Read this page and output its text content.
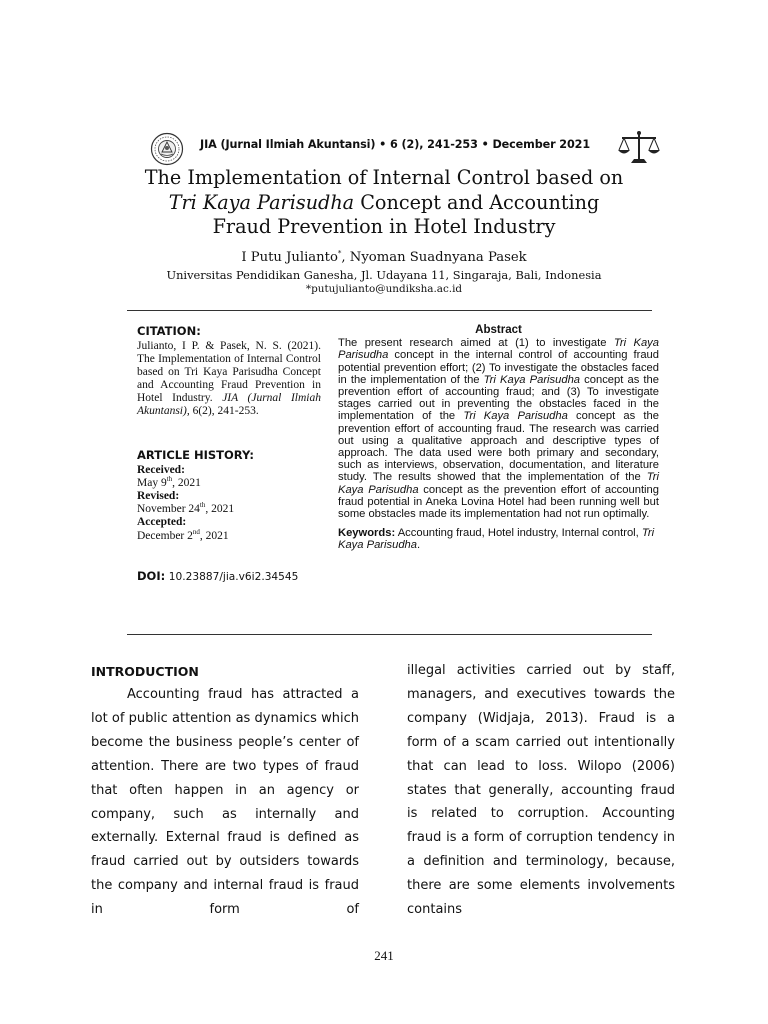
JIA (Jurnal Ilmiah Akuntansi) • 6 (2), 241-253 • December 2021
The Implementation of Internal Control based on
Tri Kaya Parisudha Concept and Accounting
Fraud Prevention in Hotel Industry
I Putu Julianto*, Nyoman Suadnyana Pasek
Universitas Pendidikan Ganesha, Jl. Udayana 11, Singaraja, Bali, Indonesia
*putujulianto@undiksha.ac.id
CITATION:
Julianto, I P. & Pasek, N. S. (2021). The Implementation of Internal Control based on Tri Kaya Parisudha Concept and Accounting Fraud Prevention in Hotel Industry. JIA (Jurnal Ilmiah Akuntansi), 6(2), 241-253.
ARTICLE HISTORY:
Received:
May 9th, 2021
Revised:
November 24th, 2021
Accepted:
December 2nd, 2021
DOI: 10.23887/jia.v6i2.34545
Abstract
The present research aimed at (1) to investigate Tri Kaya Parisudha concept in the internal control of accounting fraud potential prevention effort; (2) To investigate the obstacles faced in the implementation of the Tri Kaya Parisudha concept as the prevention effort of accounting fraud; and (3) To investigate stages carried out in preventing the obstacles faced in the implementation of the Tri Kaya Parisudha concept as the prevention effort of accounting fraud. The research was carried out using a qualitative approach and descriptive types of approach. The data used were both primary and secondary, such as interviews, observation, documentation, and literature study. The results showed that the implementation of the Tri Kaya Parisudha concept as the prevention effort of accounting fraud potential in Aneka Lovina Hotel had been running well but some obstacles made its implementation had not run optimally.
Keywords: Accounting fraud, Hotel industry, Internal control, Tri Kaya Parisudha.
INTRODUCTION
Accounting fraud has attracted a lot of public attention as dynamics which become the business people’s center of attention. There are two types of fraud that often happen in an agency or company, such as internally and externally. External fraud is defined as fraud carried out by outsiders towards the company and internal fraud is fraud in form of
illegal activities carried out by staff, managers, and executives towards the company (Widjaja, 2013). Fraud is a form of a scam carried out intentionally that can lead to loss. Wilopo (2006) states that generally, accounting fraud is related to corruption. Accounting fraud is a form of corruption tendency in a definition and terminology, because, there are some elements involvements contains
241
